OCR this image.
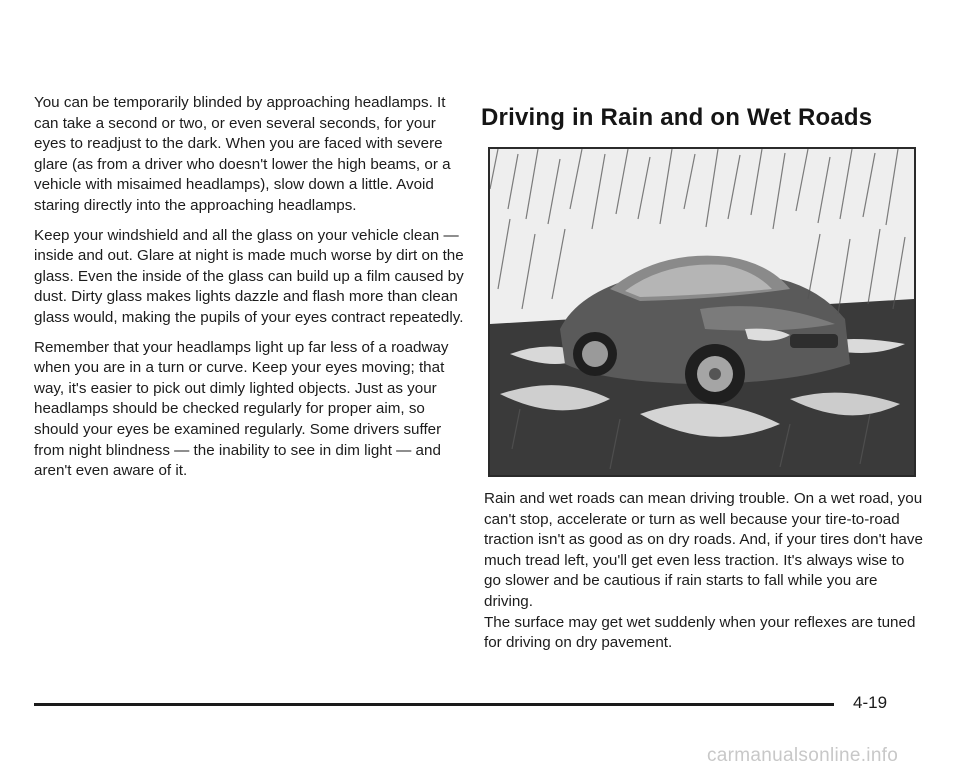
You can be temporarily blinded by approaching headlamps. It can take a second or two, or even several seconds, for your eyes to readjust to the dark. When you are faced with severe glare (as from a driver who doesn't lower the high beams, or a vehicle with misaimed headlamps), slow down a little. Avoid staring directly into the approaching headlamps.

Keep your windshield and all the glass on your vehicle clean — inside and out. Glare at night is made much worse by dirt on the glass. Even the inside of the glass can build up a film caused by dust. Dirty glass makes lights dazzle and flash more than clean glass would, making the pupils of your eyes contract repeatedly.

Remember that your headlamps light up far less of a roadway when you are in a turn or curve. Keep your eyes moving; that way, it's easier to pick out dimly lighted objects. Just as your headlamps should be checked regularly for proper aim, so should your eyes be examined regularly. Some drivers suffer from night blindness — the inability to see in dim light — and aren't even aware of it.

Driving in Rain and on Wet Roads

Rain and wet roads can mean driving trouble. On a wet road, you can't stop, accelerate or turn as well because your tire-to-road traction isn't as good as on dry roads. And, if your tires don't have much tread left, you'll get even less traction. It's always wise to go slower and be cautious if rain starts to fall while you are driving.

The surface may get wet suddenly when your reflexes are tuned for driving on dry pavement.

4-19
carmanualsonline.info
